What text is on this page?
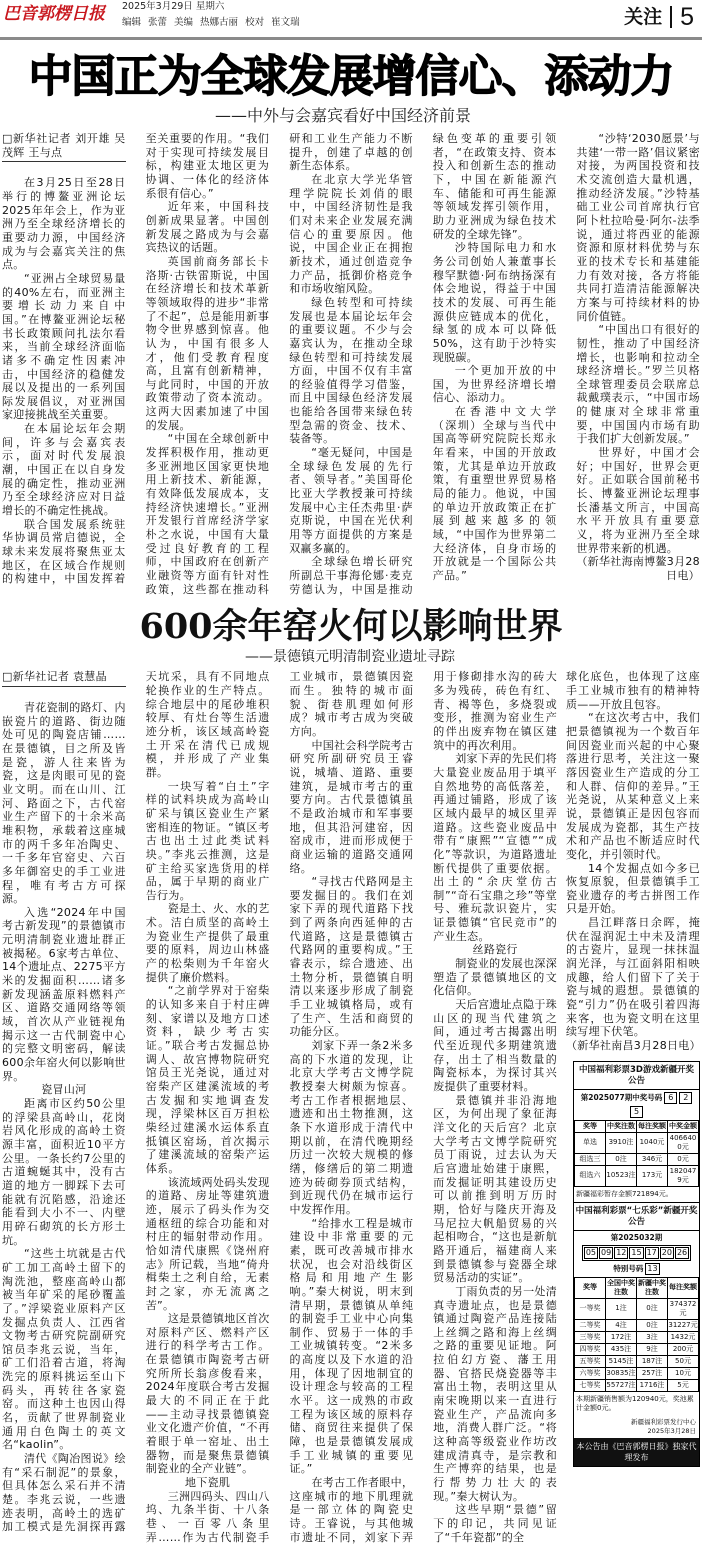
巴音郭楞日报 2025年3月29日 星期六
编辑 张蕾 美编 热娜古丽 校对 崔文瑞	关注 5
中国正为全球发展增信心、添动力
——中外与会嘉宾看好中国经济前景
□新华社记者 刘开雄 吴茂辉 王与点

在3月25日至28日举行的博鳌亚洲论坛2025年年会上，作为亚洲乃至全球经济增长的重要动力源，中国经济成为与会嘉宾关注的焦点。

“亚洲占全球贸易量的40%左右，而亚洲主要增长动力来自中国。”在博鳌亚洲论坛秘书长政策顾问扎法尔看来，当前全球经济面临诸多不确定性因素冲击，中国经济的稳健发展以及提出的一系列国际发展倡议，对亚洲国家迎接挑战至关重要。

在本届论坛年会期间，许多与会嘉宾表示，面对时代发展浪潮，中国正在以自身发展的确定性，推动亚洲乃至全球经济应对日益增长的不确定性挑战。

联合国发展系统驻华协调员常启德说，全球未来发展将聚焦亚太地区，在区域合作规则的构建中，中国发挥着至关重要的作用。“我们对于实现可持续发展目标，构建亚太地区更为协调、一体化的经济体系很有信心。”

近年来，中国科技创新成果显著。中国创新发展之路成为与会嘉宾热议的话题。

英国前商务部长卡洛斯·古铁雷斯说，中国在经济增长和技术革新等领域取得的进步“非常了不起”，总是能用新事物令世界感到惊喜。他认为，中国有很多人才，他们受教育程度高，且富有创新精神，与此同时，中国的开放政策带动了资本流动。这两大因素加速了中国的发展。

“中国在全球创新中发挥积极作用，推动更多亚洲地区国家更快地用上新技术、新能源，有效降低发展成本，支持经济快速增长。”亚洲开发银行首席经济学家朴之水说，中国有大量受过良好教育的工程师，中国政府在创新产业融资等方面有针对性政策，这些都在推动科研和工业生产能力不断提升，创建了卓越的创新生态体系。

在北京大学光华管理学院院长刘俏的眼中，中国经济韧性是我们对未来企业发展充满信心的重要原因。他说，中国企业正在拥抱新技术，通过创造竞争力产品，抵御价格竞争和市场收缩风险。

绿色转型和可持续发展也是本届论坛年会的重要议题。不少与会嘉宾认为，在推动全球绿色转型和可持续发展方面，中国不仅有丰富的经验值得学习借鉴，而且中国绿色经济发展也能给各国带来绿色转型急需的资金、技术、装备等。

“毫无疑问，中国是全球绿色发展的先行者、领导者。”美国哥伦比亚大学教授兼可持续发展中心主任杰弗里·萨克斯说，中国在光伏利用等方面提供的方案是双赢多赢的。

全球绿色增长研究所副总干事海伦娜·麦克劳德认为，中国是推动绿色变革的重要引领者，“在政策支持、资本投入和创新生态的推动下，中国在新能源汽车、储能和可再生能源等领域发挥引领作用，助力亚洲成为绿色技术研发的全球先锋”。

沙特国际电力和水务公司创始人兼董事长穆罕默德·阿布纳扬深有体会地说，得益于中国技术的发展、可再生能源供应链成本的优化，绿氢的成本可以降低50%，这有助于沙特实现脱碳。

一个更加开放的中国，为世界经济增长增信心、添动力。

在香港中文大学（深圳）全球与当代中国高等研究院院长郑永年看来，中国的开放政策，尤其是单边开放政策，有重塑世界贸易格局的能力。他说，中国的单边开放政策正在扩展到越来越多的领域，“中国作为世界第二大经济体，自身市场的开放就是一个国际公共产品。”

“沙特‘2030愿景’与共建‘一带一路’倡议紧密对接，为两国投资和技术交流创造大量机遇，推动经济发展。”沙特基础工业公司首席执行官阿卜杜拉哈曼·阿尔-法季说，通过将西亚的能源资源和原材料优势与东亚的技术专长和基建能力有效对接，各方将能共同打造清洁能源解决方案与可持续材料的协同价值链。

“中国出口有很好的韧性，推动了中国经济增长，也影响和拉动全球经济增长。”罗兰贝格全球管理委员会联席总裁戴璞表示，“中国市场的健康对全球非常重要，中国国内市场有助于我们扩大创新发展。”

世界好，中国才会好；中国好，世界会更好。正如联合国前秘书长、博鳌亚洲论坛理事长潘基文所言，中国高水平开放具有重要意义，将为亚洲乃至全球世界带来新的机遇。

（新华社海南博鳌3月28日电）

600余年窑火何以影响世界
——景德镇元明清制瓷业遗址寻踪
□新华社记者 袁慧晶

青花瓷制的路灯、内嵌瓷片的道路、街边随处可见的陶瓷店铺……在景德镇，目之所及皆是瓷，游人往来皆为瓷，这是肉眼可见的瓷业文明。而在山川、江河、路面之下，古代窑业生产留下的十余米高堆积物，承载着这座城市的两千多年冶陶史、一千多年官窑史、六百多年御窑史的手工业进程，唯有考古方可探源。

入选“2024年中国考古新发现”的景德镇市元明清制瓷业遗址群正被揭秘。6家考古单位、14个遗址点、2275平方米的发掘面积……诸多新发现涵盖原料燃料产区、道路交通网络等领域，首次从产业链视角揭示这一古代制瓷中心的完整文明密码，解读600余年窑火何以影响世界。

瓷冒山河

距离市区约50公里的浮梁县高岭山，花岗岩风化形成的高岭土资源丰富，面积近10平方公里。一条长约7公里的古道蜿蜒其中，没有古道的地方一脚踩下去可能就有沉陷感，沿途还能看到大小不一、内壁用碎石砌筑的长方形土坑。

“这些土坑就是古代矿工加工高岭土留下的淘洗池，整座高岭山都被当年矿采的尾砂覆盖了。”浮梁瓷业原料产区发掘点负责人、江西省文物考古研究院副研究馆员李兆云说，当年，矿工们沿着古道，将淘洗完的原料挑运至山下码头，再转往各家瓷窑。而这种土也因山得名，贡献了世界制瓷业通用白色陶土的英文名“kaolin”。

清代《陶冶图说》绘有“采石制泥”的景象，但具体怎么采石并不清楚。李兆云说，一些遗迹表明，高岭土的选矿加工模式是先洞探再露天坑采，具有不同地点轮换作业的生产特点。综合地层中的尾砂堆积较厚、有灶台等生活遗迹分析，该区域高岭瓷土开采在清代已成规模，并形成了产业集群。

一块写着“白土”字样的试料块成为高岭山矿采与镇区瓷业生产紧密相连的物证。“镇区考古也出土过此类试料块。”李兆云推测，这是矿主给买家选货用的样品，属于早期的商业广告行为。

瓷是土、火、水的艺术。洁白质坚的高岭土为瓷业生产提供了最重要的原料，周边山林盛产的松柴则为千年窑火提供了廉价燃料。

“之前学界对于窑柴的认知多来自于村庄碑刻、家谱以及地方口述资料，缺少考古实证。”联合考古发掘总协调人、故宫博物院研究馆员王光尧说，通过对窑柴产区建溪流域的考古发掘和实地调查发现，浮梁林区百万担松柴经过建溪水运体系直抵镇区窑场，首次揭示了建溪流域的窑柴产运体系。

该流域两处码头发现的道路、房址等建筑遗迹，展示了码头作为交通枢纽的综合功能和对村庄的辐射带动作用。恰如清代康熙《饶州府志》所记载，当地“倚舟楫柴土之利自给，无素封之家，亦无流离之苦”。

这是景德镇地区首次对原料产区、燃料产区进行的科学考古工作。在景德镇市陶瓷考古研究所所长翁彦俊看来，2024年度联合考古发掘最大的不同正在于此——主动寻找景德镇瓷业文化遗产价值，“不再着眼于单一窑址、出土器物，而是聚焦景德镇制瓷业的全产业链”。

地下瓷肌

三洲四码头、四山八坞、九条半街、十八条巷、一百零八条里弄……作为古代制瓷手工业城市，景德镇因瓷而生。独特的城市面貌、街巷肌理如何形成？城市考古成为突破方向。

中国社会科学院考古研究所副研究员王睿说，城墙、道路、重要建筑，是城市考古的重要方向。古代景德镇虽不是政治城市和军事要地，但其沿河建窑，因窑成市，进而形成便于商业运输的道路交通网络。

“寻找古代路网是主要发掘目的。我们在刘家下弄的现代道路下找到了两条向西延伸的古代道路，这是景德镇古代路网的重要构成。”王睿表示，综合遗迹、出土物分析，景德镇自明清以来逐步形成了制瓷手工业城镇格局，或有了生产、生活和商贸的功能分区。

刘家下弄一条2米多高的下水道的发现，让北京大学考古文博学院教授秦大树颇为惊喜。考古工作者根据地层、遗迹和出土物推测，这条下水道形成于清代中期以前，在清代晚期经历过一次较大规模的修缮，修缮后的第二期遗迹为砖砌券顶式结构，到近现代仍在城市运行中发挥作用。

“给排水工程是城市建设中非常重要的元素，既可改善城市排水状况，也会对沿线街区格局和用地产生影响。”秦大树说，明末到清早期，景德镇从单纯的制瓷手工业中心向集制作、贸易于一体的手工业城镇转变。“2米多的高度以及下水道的沿用，体现了因地制宜的设计理念与较高的工程水平。这一成熟的市政工程为该区域的原料存储、商贸往来提供了保障，也是景德镇发展成手工业城镇的重要见证。”

在考古工作者眼中，这座城市的地下肌理就是一部立体的陶瓷史诗。王睿说，与其他城市遗址不同，刘家下弄用于修砌排水沟的砖大多为残砖，砖色有红、青、褐等色，多烧裂或变形，推测为窑业生产的伴出废弃物在镇区建筑中的再次利用。

刘家下弄的先民们将大量瓷业废品用于填平自然地势的高低落差，再通过铺路，形成了该区域内最早的城区里弄道路。这些瓷业废品中带有“康熙”“宣德”“成化”等款识，为道路遗址断代提供了重要依据。出土的“余庆堂仿古制”“奇石宝鼎之珍”等堂号、雅玩款识瓷片，实证景德镇“官民竞市”的产业生态。

丝路瓷行

制瓷业的发展也深深塑造了景德镇地区的文化信仰。

天后宫遗址点隐于珠山区的现当代建筑之间，通过考古揭露出明代至近现代多期建筑遗存，出土了相当数量的陶瓷标本，为探讨其兴废提供了重要材料。

景德镇并非沿海地区，为何出现了象征海洋文化的天后宫？北京大学考古文博学院研究员丁雨说，过去认为天后宫遗址始建于康熙，而发掘证明其建设历史可以前推到明万历时期，恰好与隆庆开海及马尼拉大帆船贸易的兴起相吻合，“这也是新航路开通后，福建商人来到景德镇参与瓷器全球贸易活动的实证”。

丁雨负责的另一处清真寺遗址点，也是景德镇通过陶瓷产品连接陆上丝绸之路和海上丝绸之路的重要见证地。阿拉伯幻方瓷、藩王用器、官搭民烧瓷器等丰富出土物，表明这里从南宋晚期以来一直进行瓷业生产，产品流向多地，消费人群广泛。“将这种高等级瓷业作坊改建成清真寺，是宗教和生产博弈的结果，也是行帮势力壮大的表现。”秦大树认为。

这些早期“景德”留下的印记，共同见证了“千年瓷都”的全

球化底色，也体现了这座手工业城市独有的精神特质——开放且包容。

“在这次考古中，我们把景德镇视为一个数百年间因瓷业而兴起的中心聚落进行思考，关注这一聚落因瓷业生产造成的分工和人群、信仰的差异。”王光尧说，从某种意义上来说，景德镇正是因包容而发展成为瓷都，其生产技术和产品也不断适应时代变化，并引领时代。

14个发掘点如今多已恢复原貌，但景德镇手工瓷业遗存的考古拼图工作只是开始。

昌江畔落日余晖，掩伏在湿润泥土中未及清理的古瓷片，显现一抹抹温润光泽，与江面斜阳相映成趣，给人们留下了关于瓷与城的遐想。景德镇的瓷“引力”仍在吸引着四海来客，也为瓷文明在这里续写埋下伏笔。

（新华社南昌3月28日电）

中国福利彩票3D游戏新疆开奖公告
第2025077期中奖号码 6	2
5
奖等	中奖注数	每注奖额	中奖金额
单选	3910注	1040元	4066400元
组选三	0注	346元	0元
组选六	10523注	173元	1820479元
新疆福彩暂存金额721894元。
中国福利彩票“七乐彩”新疆开奖公告
第2025032期
05 09 12 15 17 20 26
特别号码 13
奖等	全国中奖注数	新疆中奖注数	每注奖额
一等奖	1注	0注	374372元
二等奖	4注	0注	31227元
三等奖	172注	3注	1432元
四等奖	435注	9注	200元
五等奖	5145注	187注	50元
六等奖	30835注	257注	10元
七等奖	55727注	1716注	5元
本期新疆销售额为120940元，奖池累计金额0元。
新疆福利彩票发行中心
2025年3月28日
本公告由《巴音郭楞日报》独家代理发布
